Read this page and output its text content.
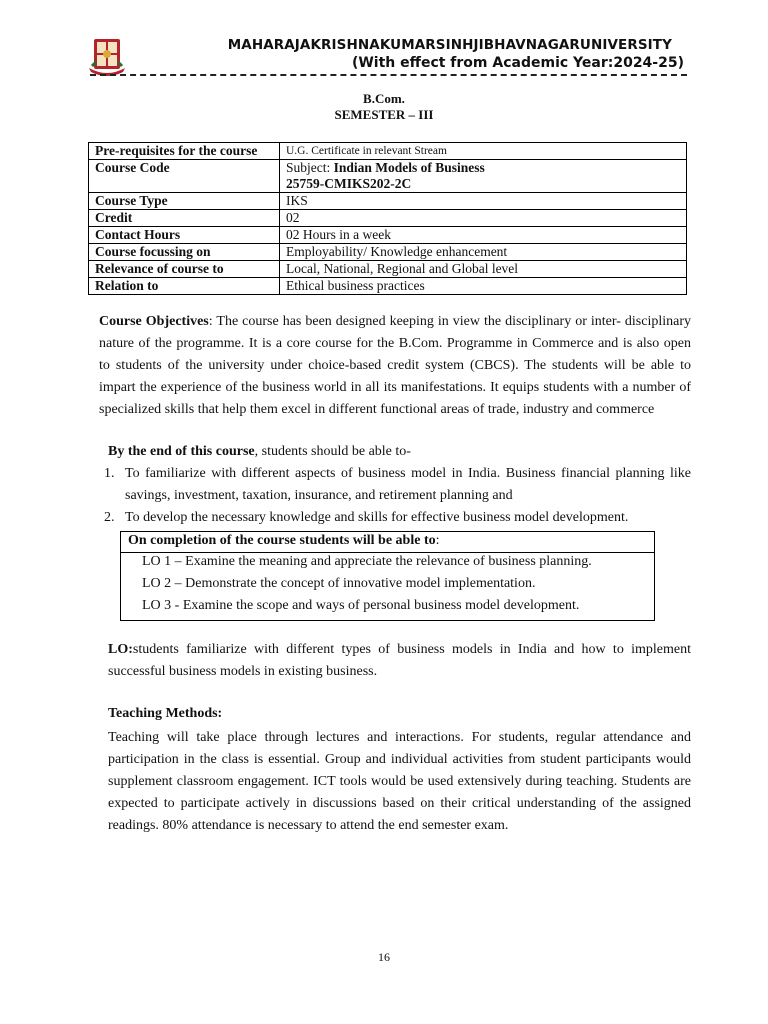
MAHARAJAKRISHNAKUMARSINHJIBHAVNAGARUNIVERSITY
(With effect from Academic Year:2024-25)
B.Com.
SEMESTER – III
Pre-requisites for the course	U.G. Certificate in relevant Stream
Course Code	Subject: Indian Models of Business
25759-CMIKS202-2C
Course Type	IKS
Credit	02
Contact Hours	02 Hours in a week
Course focussing on	Employability/ Knowledge enhancement
Relevance of course to	Local, National, Regional and Global level
Relation to	Ethical business practices
Course Objectives: The course has been designed keeping in view the disciplinary or inter- disciplinary
nature of the programme. It is a core course for the B.Com. Programme in Commerce and is also open
to students of the university under choice-based credit system (CBCS). The students will be able to
impart the experience of the business world in all its manifestations. It equips students with a number of
specialized skills that help them excel in different functional areas of trade, industry and commerce
By the end of this course, students should be able to-
1. To familiarize with different aspects of business model in India. Business financial planning like
savings, investment, taxation, insurance, and retirement planning and
2. To develop the necessary knowledge and skills for effective business model development.
On completion of the course students will be able to:
LO 1 – Examine the meaning and appreciate the relevance of business planning.
LO 2 – Demonstrate the concept of innovative model implementation.
LO 3 - Examine the scope and ways of personal business model development.
LO:students familiarize with different types of business models in India and how to implement
successful business models in existing business.
Teaching Methods:
Teaching will take place through lectures and interactions. For students, regular attendance and
participation in the class is essential. Group and individual activities from student participants would
supplement classroom engagement. ICT tools would be used extensively during teaching. Students are
expected to participate actively in discussions based on their critical understanding of the assigned
readings. 80% attendance is necessary to attend the end semester exam.
16
